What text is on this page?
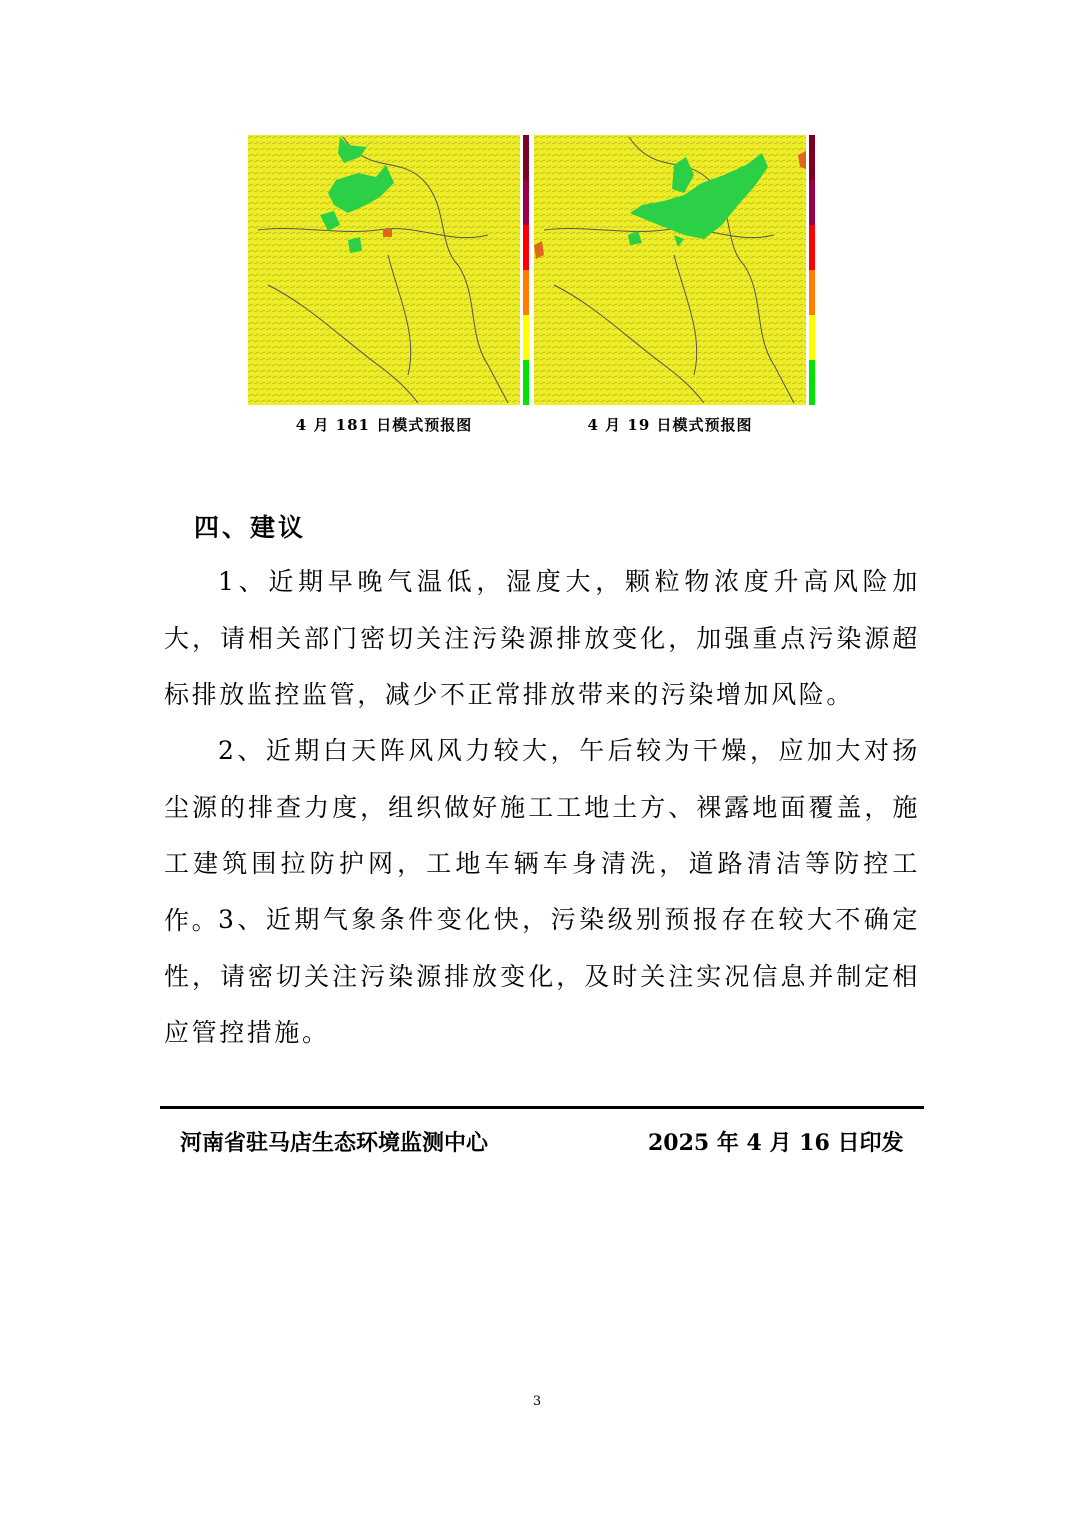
4 月 181 日模式预报图	4 月 19 日模式预报图
四、建议

1、近期早晚气温低，湿度大，颗粒物浓度升高风险加大，请相关部门密切关注污染源排放变化，加强重点污染源超标排放监控监管，减少不正常排放带来的污染增加风险。

2、近期白天阵风风力较大，午后较为干燥，应加大对扬尘源的排查力度，组织做好施工工地土方、裸露地面覆盖，施工建筑围拉防护网，工地车辆车身清洗，道路清洁等防控工作。

3、近期气象条件变化快，污染级别预报存在较大不确定性，请密切关注污染源排放变化，及时关注实况信息并制定相应管控措施。

河南省驻马店生态环境监测中心	2025 年 4 月 16 日印发
3
